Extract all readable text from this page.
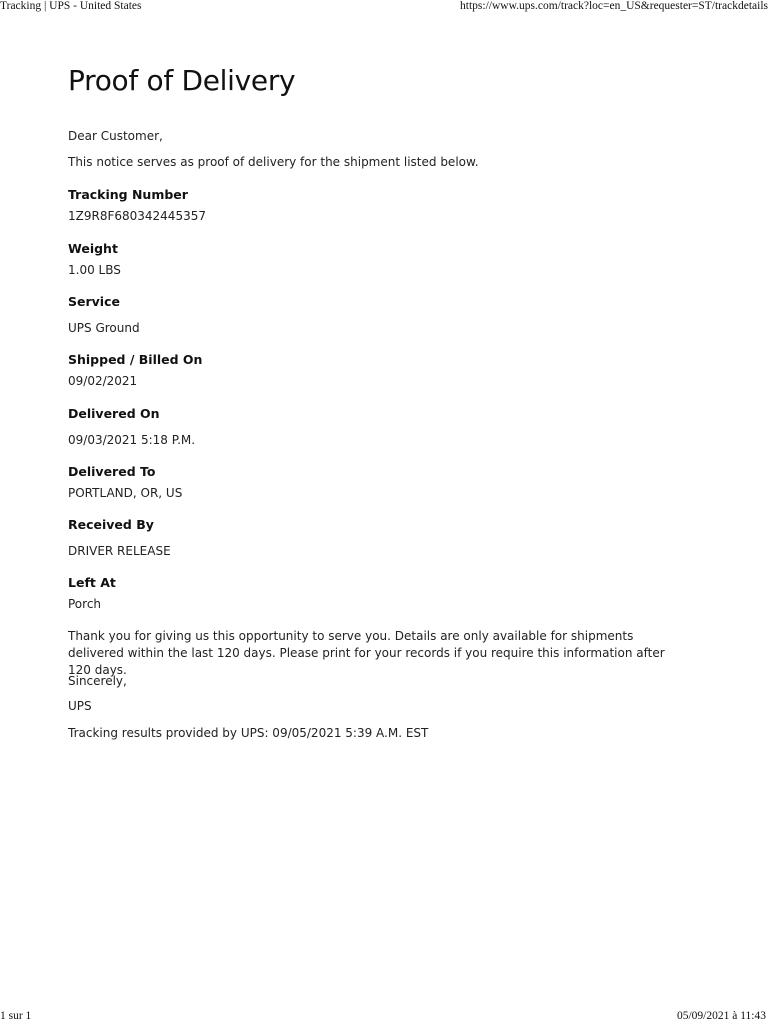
Tracking | UPS - United States	https://www.ups.com/track?loc=en_US&requester=ST/trackdetails
Proof of Delivery

Dear Customer,

This notice serves as proof of delivery for the shipment listed below.

Tracking Number

1Z9R8F680342445357

Weight

1.00 LBS

Service

UPS Ground

Shipped / Billed On

09/02/2021

Delivered On

09/03/2021 5:18 P.M.

Delivered To

PORTLAND, OR, US

Received By

DRIVER RELEASE

Left At

Porch

Thank you for giving us this opportunity to serve you. Details are only available for shipments delivered within the last 120 days. Please print for your records if you require this information after 120 days.

Sincerely,

UPS

Tracking results provided by UPS: 09/05/2021 5:39 A.M. EST

1 sur 1	05/09/2021 à 11:43
